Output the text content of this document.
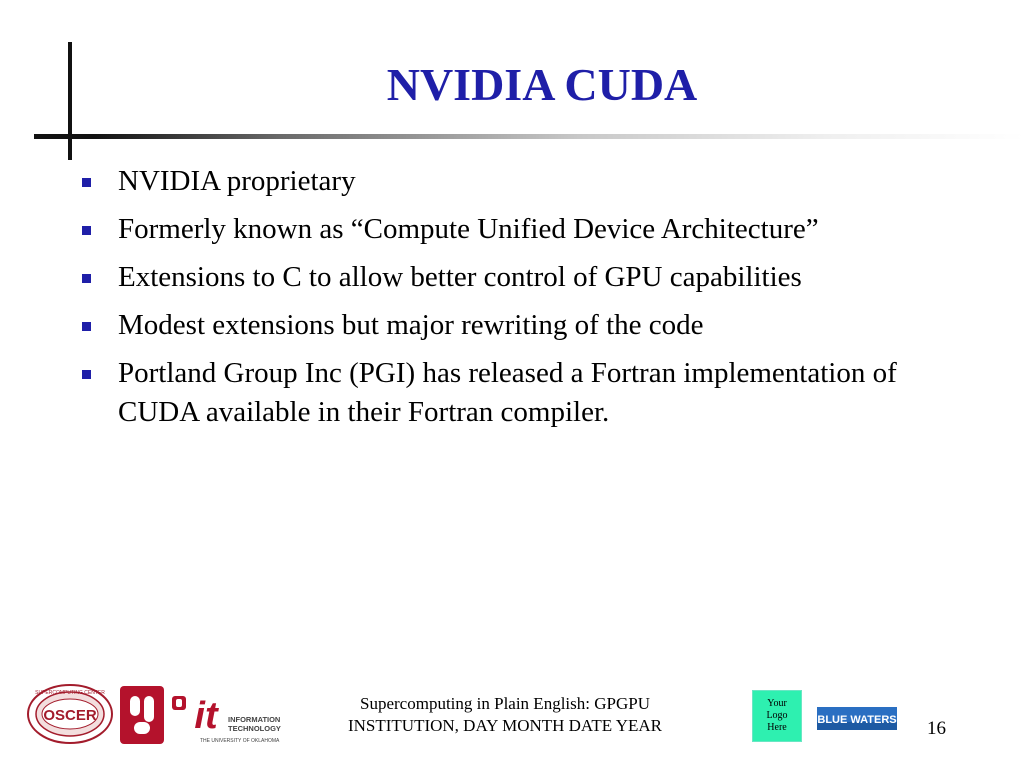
NVIDIA CUDA
NVIDIA proprietary
Formerly known as “Compute Unified Device Architecture”
Extensions to C to allow better control of GPU capabilities
Modest extensions but major rewriting of the code
Portland Group Inc (PGI) has released a Fortran implementation of CUDA available in their Fortran compiler.
OSCER
SUPERCOMPUTING CENTER
it INFORMATION
TECHNOLOGY
THE UNIVERSITY OF OKLAHOMA
Supercomputing in Plain English: GPGPU
INSTITUTION, DAY MONTH DATE YEAR
Your
Logo
Here
BLUE WATERS	16
